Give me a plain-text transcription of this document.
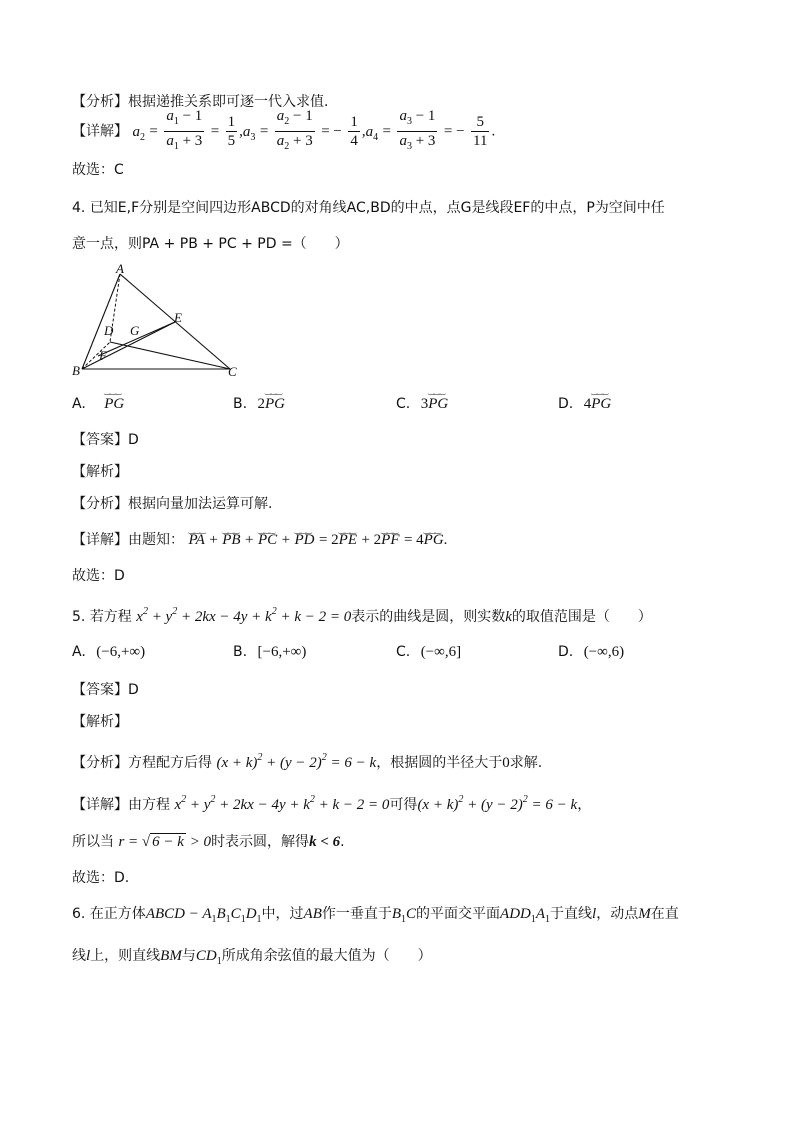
【分析】根据递推关系即可逐一代入求值.
【详解】 $a_2 = \frac{a_1 - 1}{a_1 + 3} = \frac{1}{5} ,a_3 = \frac{a_2 - 1}{a_2 + 3}$ = − $\frac{1}{4} ,a_4 = \frac{a_3 - 1}{a_3 + 3}$ = − $\frac{5}{11}$ .
故选：C
4. 已知E,F分别是空间四边形ABCD的对角线AC,BD的中点，点G是线段EF的中点，P为空间中任
意一点，则PA + PB + PC + PD =（　　）
A
B	C
D
E
F
G
A. ‿‿‿ PG	B. 2‿‿‿ PG	C. 3‿‿‿ PG	D. 4‿‿‿ PG
【答案】D
【解析】
【分析】根据向量加法运算可解.
【详解】由题知： ‿‿‿ PA + ‿‿‿ PB + ‿‿‿ PC + ‿‿‿ PD = 2‿‿‿ PE + 2‿‿‿ PF = 4‿‿‿ PG.
故选：D
5. 若方程 $x^2 + y^2 + 2kx - 4y + k^2 + k - 2 = 0$表示的曲线是圆，则实数k的取值范围是（　　）
A. (−6,+∞)	B. [−6,+∞)	C. (−∞,6]	D. (−∞,6)
【答案】D
【解析】
【分析】方程配方后得 $(x + k)^2 + (y - 2)^2 = 6 - k$，根据圆的半径大于0求解.
【详解】由方程 $x^2 + y^2 + 2kx - 4y + k^2 + k - 2 = 0$可得$(x + k)^2 + (y - 2)^2 = 6 - k$，
所以当 r = √ 6 − k > 0时表示圆，解得k < 6.
故选：D.
6. 在正方体ABCD − $A_1B_1C_1D_1$中，过AB作一垂直于$B_1C$的平面交平面$ADD_1A_1$于直线l，动点M在直
线l上，则直线BM与$CD_1$所成角余弦值的最大值为（　　）
